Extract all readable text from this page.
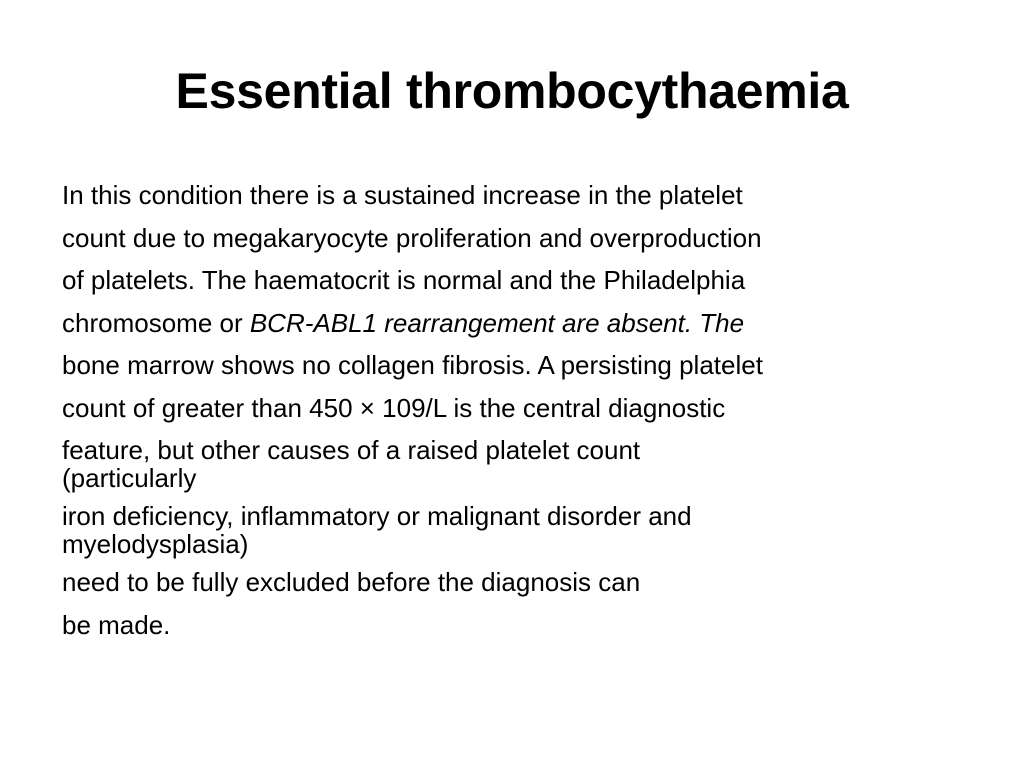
Essential thrombocythaemia

In this condition there is a sustained increase in the platelet

count due to megakaryocyte proliferation and overproduction

of platelets. The haematocrit is normal and the Philadelphia

chromosome or BCR-ABL1 rearrangement are absent. The

bone marrow shows no collagen fibrosis. A persisting platelet

count of greater than 450 × 109/L is the central diagnostic

feature, but other causes of a raised platelet count
(particularly

iron deficiency, inflammatory or malignant disorder and
myelodysplasia)

need to be fully excluded before the diagnosis can

be made.
